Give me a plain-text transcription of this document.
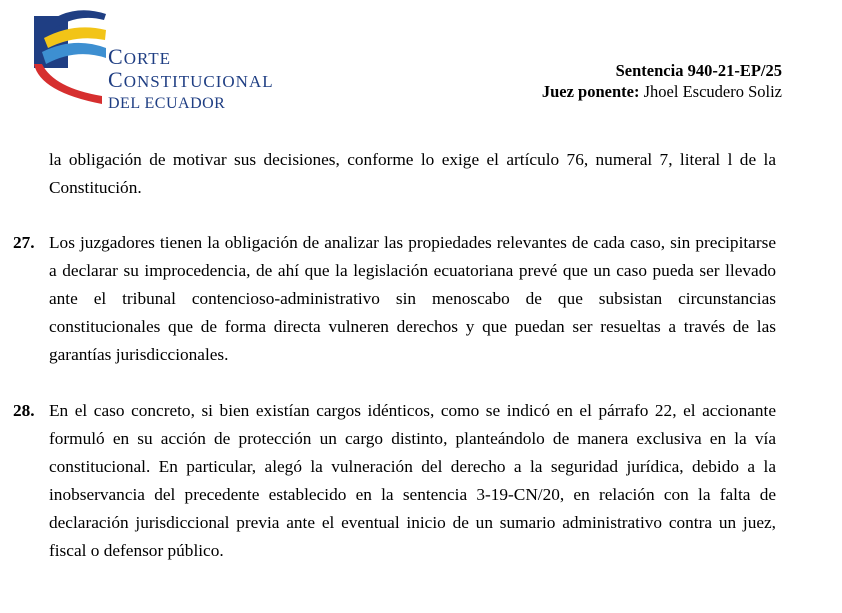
CORTE
CONSTITUCIONAL
DEL ECUADOR
Sentencia 940-21-EP/25
Juez ponente: Jhoel Escudero Soliz
la obligación de motivar sus decisiones, conforme lo exige el artículo 76, numeral 7, literal l de la Constitución.
27. Los juzgadores tienen la obligación de analizar las propiedades relevantes de cada caso, sin precipitarse a declarar su improcedencia, de ahí que la legislación ecuatoriana prevé que un caso pueda ser llevado ante el tribunal contencioso-administrativo sin menoscabo de que subsistan circunstancias constitucionales que de forma directa vulneren derechos y que puedan ser resueltas a través de las garantías jurisdiccionales.
28. En el caso concreto, si bien existían cargos idénticos, como se indicó en el párrafo 22, el accionante formuló en su acción de protección un cargo distinto, planteándolo de manera exclusiva en la vía constitucional. En particular, alegó la vulneración del derecho a la seguridad jurídica, debido a la inobservancia del precedente establecido en la sentencia 3-19-CN/20, en relación con la falta de declaración jurisdiccional previa ante el eventual inicio de un sumario administrativo contra un juez, fiscal o defensor público.
